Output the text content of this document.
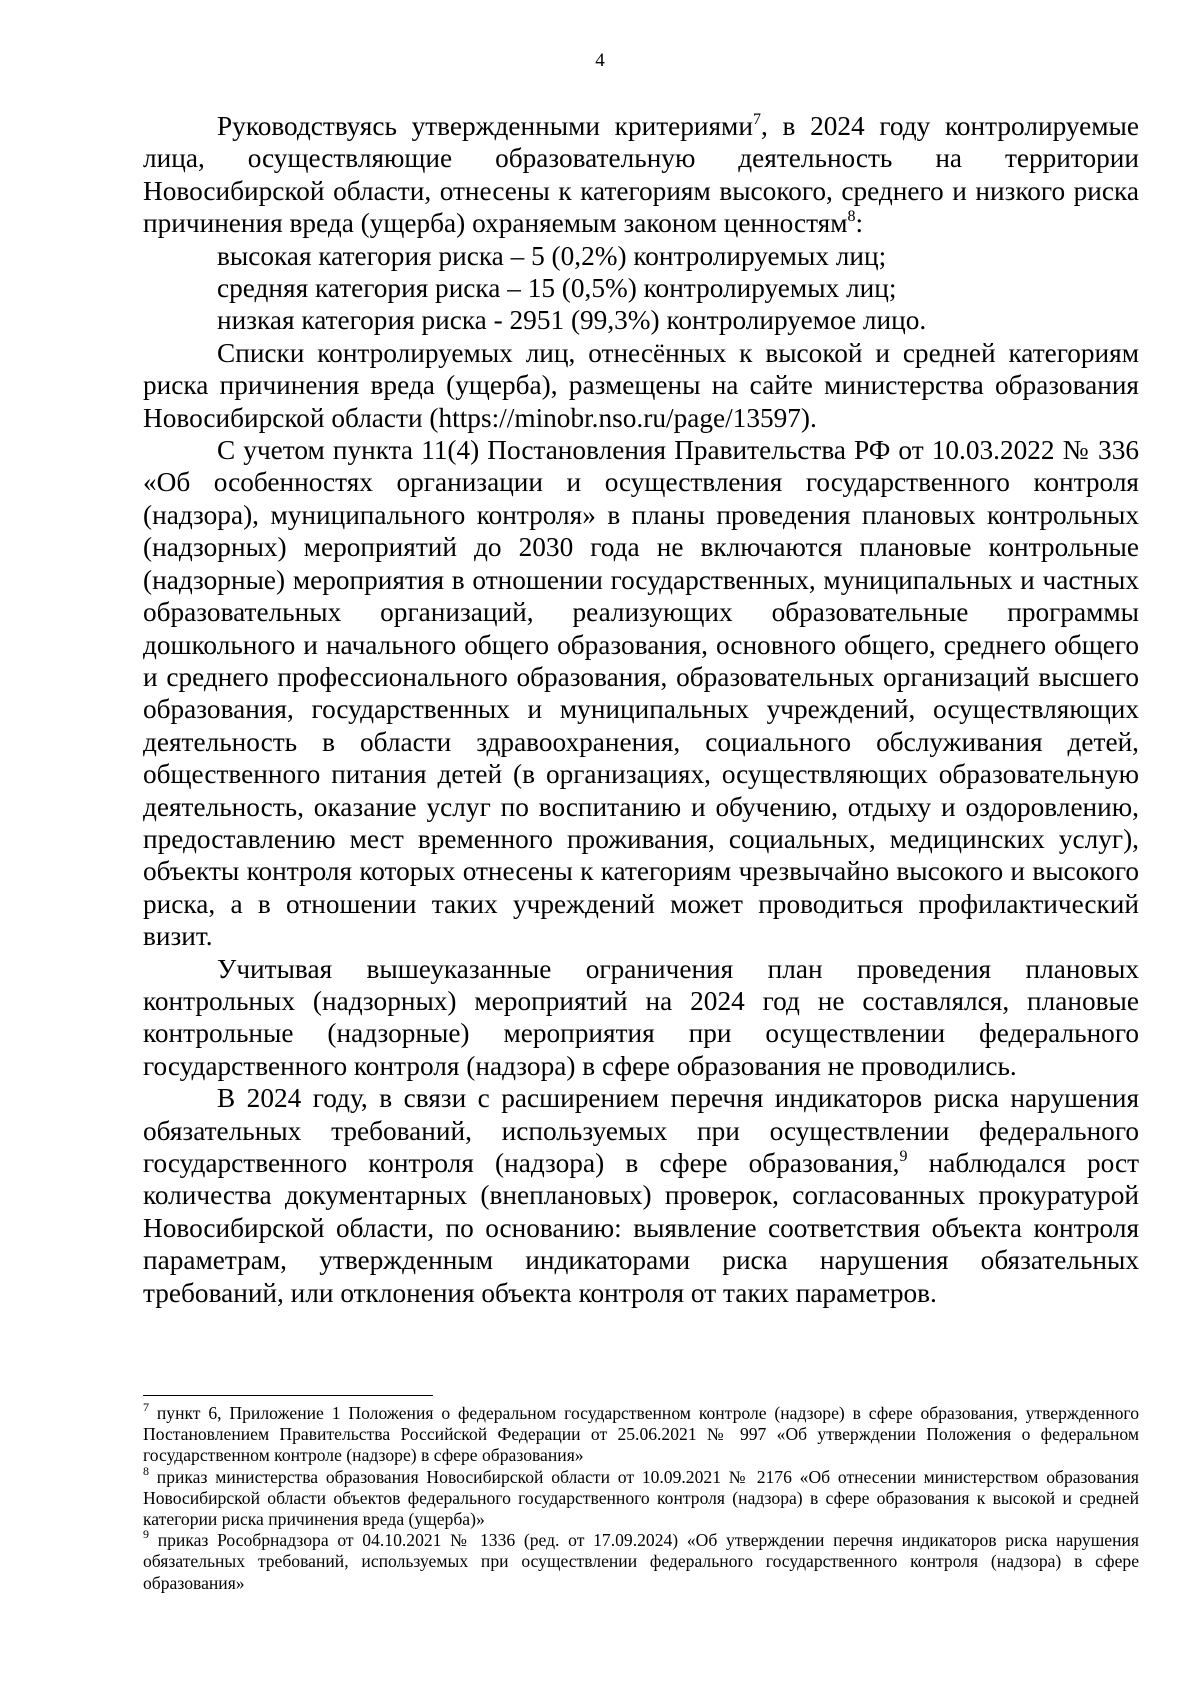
4

Руководствуясь утвержденными критериями$^7$, в 2024 году контролируемые лица, осуществляющие образовательную деятельность на территории Новосибирской области, отнесены к категориям высокого, среднего и низкого риска причинения вреда (ущерба) охраняемым законом ценностям$^8$:

высокая категория риска – 5 (0,2%) контролируемых лиц;

средняя категория риска – 15 (0,5%) контролируемых лиц;

низкая категория риска - 2951 (99,3%) контролируемое лицо.

Списки контролируемых лиц, отнесённых к высокой и средней категориям риска причинения вреда (ущерба), размещены на сайте министерства образования Новосибирской области (https://minobr.nso.ru/page/13597).

С учетом пункта 11(4) Постановления Правительства РФ от 10.03.2022 № 336 «Об особенностях организации и осуществления государственного контроля (надзора), муниципального контроля» в планы проведения плановых контрольных (надзорных) мероприятий до 2030 года не включаются плановые контрольные (надзорные) мероприятия в отношении государственных, муниципальных и частных образовательных организаций, реализующих образовательные программы дошкольного и начального общего образования, основного общего, среднего общего и среднего профессионального образования, образовательных организаций высшего образования, государственных и муниципальных учреждений, осуществляющих деятельность в области здравоохранения, социального обслуживания детей, общественного питания детей (в организациях, осуществляющих образовательную деятельность, оказание услуг по воспитанию и обучению, отдыху и оздоровлению, предоставлению мест временного проживания, социальных, медицинских услуг), объекты контроля которых отнесены к категориям чрезвычайно высокого и высокого риска, а в отношении таких учреждений может проводиться профилактический визит.

Учитывая вышеуказанные ограничения план проведения плановых контрольных (надзорных) мероприятий на 2024 год не составлялся, плановые контрольные (надзорные) мероприятия при осуществлении федерального государственного контроля (надзора) в сфере образования не проводились.

В 2024 году, в связи с расширением перечня индикаторов риска нарушения обязательных требований, используемых при осуществлении федерального государственного контроля (надзора) в сфере образования,$^9$ наблюдался рост количества документарных (внеплановых) проверок, согласованных прокуратурой Новосибирской области, по основанию: выявление соответствия объекта контроля параметрам, утвержденным индикаторами риска нарушения обязательных требований, или отклонения объекта контроля от таких параметров.

$^7$ пункт 6, Приложение 1 Положения о федеральном государственном контроле (надзоре) в сфере образования, утвержденного Постановлением Правительства Российской Федерации от 25.06.2021 № 997 «Об утверждении Положения о федеральном государственном контроле (надзоре) в сфере образования»

$^8$ приказ министерства образования Новосибирской области от 10.09.2021 № 2176 «Об отнесении министерством образования Новосибирской области объектов федерального государственного контроля (надзора) в сфере образования к высокой и средней категории риска причинения вреда (ущерба)»

$^9$ приказ Рособрнадзора от 04.10.2021 № 1336 (ред. от 17.09.2024) «Об утверждении перечня индикаторов риска нарушения обязательных требований, используемых при осуществлении федерального государственного контроля (надзора) в сфере образования»
